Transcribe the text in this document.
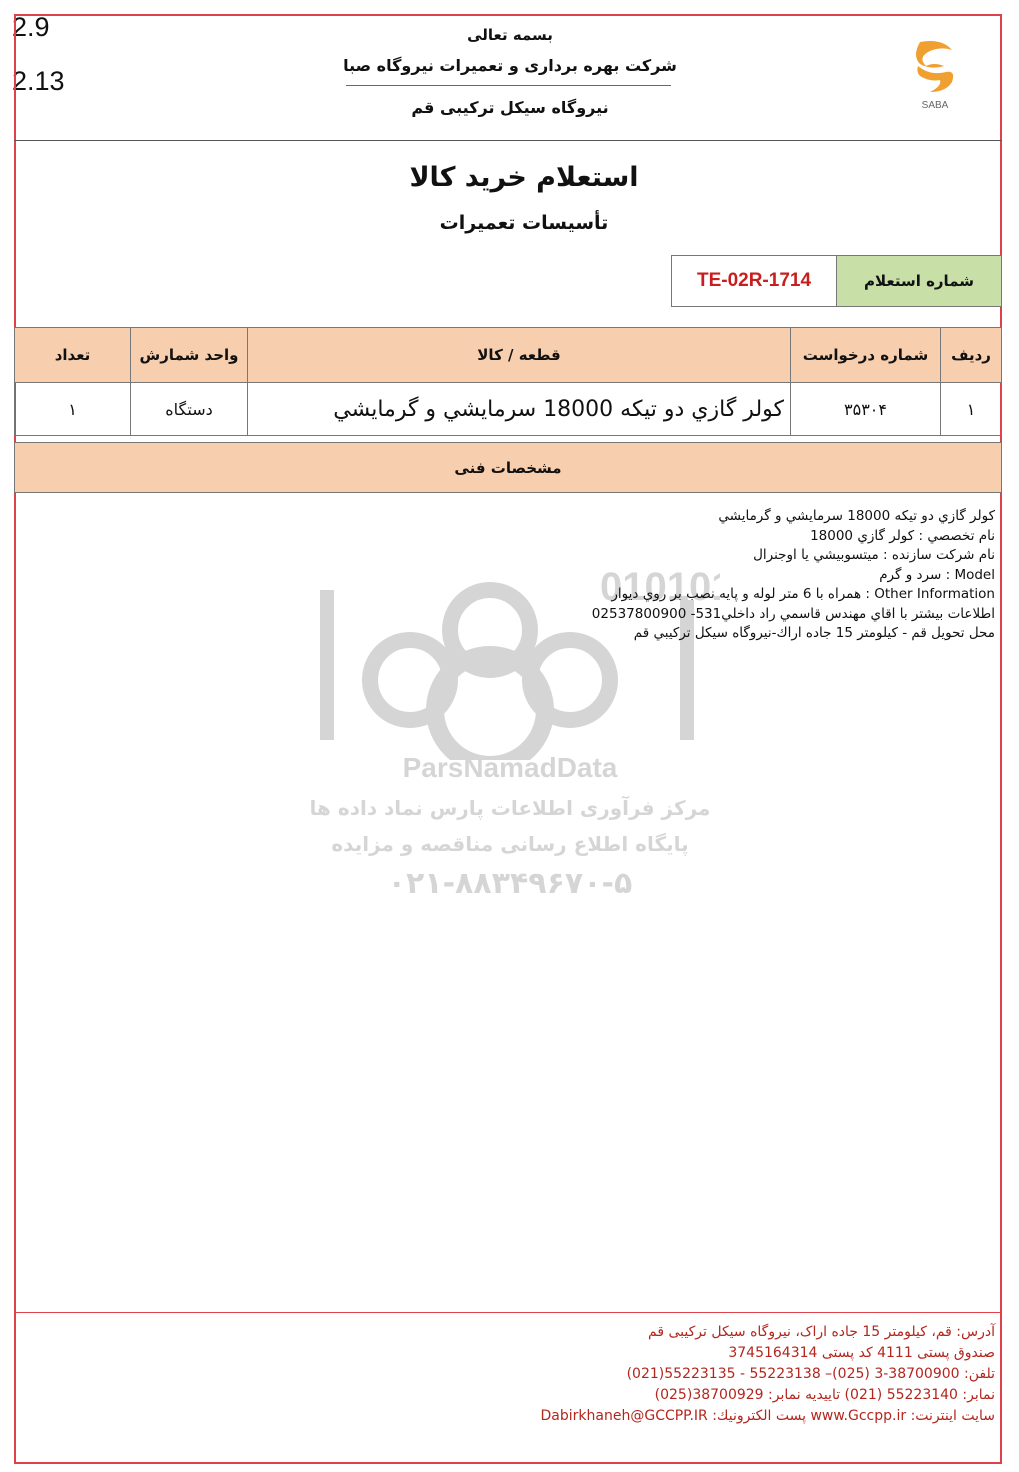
2.9
2.13
بسمه تعالی
شرکت بهره برداری و تعمیرات نیروگاه صبا
نیروگاه سیکل ترکیبی قم	SABA
استعلام خرید کالا
تأسیسات تعمیرات
شماره استعلام
TE-02R-1714
ردیف	شماره درخواست	قطعه / کالا	واحد شمارش	تعداد
۱	۳۵۳۰۴	كولر گازي دو تيكه 18000 سرمايشي و گرمايشي	دستگاه	۱
مشخصات فنی
01010
ParsNamadData
مرکز فرآوری اطلاعات پارس نماد داده ها
پایگاه اطلاع رسانی مناقصه و مزایده
۰۲۱-۸۸۳۴۹۶۷۰-۵
كولر گازي دو تيكه 18000 سرمايشي و گرمايشي
نام تخصصي : كولر گازي 18000
نام شركت سازنده : ميتسوبيشي يا اوجنرال
Model : سرد و گرم
Other Information : همراه با 6 متر لوله و پايه نصب بر روي ديوار
اطلاعات بيشتر با اقاي مهندس قاسمي راد داخلي531- 02537800900
محل تحويل قم - كيلومتر 15 جاده اراك-نيروگاه سيكل تركيبي قم
آدرس: قم، کیلومتر 15 جاده اراک، نیروگاه سیکل ترکیبی قم
صندوق پستی 4111 کد پستی 3745164314
تلفن: 38700900-3 (025)– 55223138 - 55223135(021)
نمابر: 55223140 (021) تاییدیه نمابر: 38700929(025)
سایت اینترنت: www.Gccpp.ir پست الکترونیك: Dabirkhaneh@GCCPP.IR
